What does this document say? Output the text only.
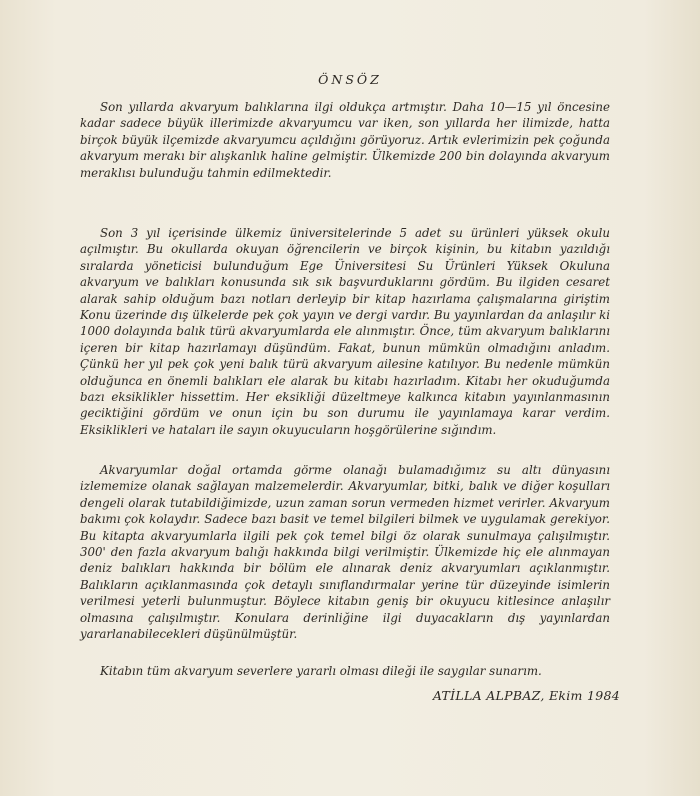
ÖNSÖZ

Son yıllarda akvaryum balıklarına ilgi oldukça artmıştır. Daha 10—15 yıl öncesine kadar sadece büyük illerimizde akvaryumcu var iken, son yıllarda her ilimizde, hatta birçok büyük ilçemizde akvaryumcu açıldığını görüyoruz. Artık evlerimizin pek çoğunda akvaryum merakı bir alışkanlık haline gelmiştir. Ülkemizde 200 bin dolayında akvaryum meraklısı bulunduğu tahmin edilmektedir.

Son 3 yıl içerisinde ülkemiz üniversitelerinde 5 adet su ürünleri yüksek okulu açılmıştır. Bu okullarda okuyan öğrencilerin ve birçok kişinin, bu kitabın yazıldığı sıralarda yöneticisi bulunduğum Ege Üniversitesi Su Ürünleri Yüksek Okuluna akvaryum ve balıkları konusunda sık sık başvurduklarını gördüm. Bu ilgiden cesaret alarak sahip olduğum bazı notları derleyip bir kitap hazırlama çalışmalarına giriştim Konu üzerinde dış ülkelerde pek çok yayın ve dergi vardır. Bu yayınlardan da anlaşılır ki 1000 dolayında balık türü akvaryumlarda ele alınmıştır. Önce, tüm akvaryum balıklarını içeren bir kitap hazırlamayı düşündüm. Fakat, bunun mümkün olmadığını anladım. Çünkü her yıl pek çok yeni balık türü akvaryum ailesine katılıyor. Bu nedenle mümkün olduğunca en önemli balıkları ele alarak bu kitabı hazırladım. Kitabı her okuduğumda bazı eksiklikler hissettim. Her eksikliği düzeltmeye kalkınca kitabın yayınlanmasının geciktiğini gördüm ve onun için bu son durumu ile yayınlamaya karar verdim. Eksiklikleri ve hataları ile sayın okuyucuların hoşgörülerine sığındım.

Akvaryumlar doğal ortamda görme olanağı bulamadığımız su altı dünyasını izlememize olanak sağlayan malzemelerdir. Akvaryumlar, bitki, balık ve diğer koşulları dengeli olarak tutabildiğimizde, uzun zaman sorun vermeden hizmet verirler. Akvaryum bakımı çok kolaydır. Sadece bazı basit ve temel bilgileri bilmek ve uygulamak gerekiyor. Bu kitapta akvaryumlarla ilgili pek çok temel bilgi öz olarak sunulmaya çalışılmıştır. 300' den fazla akvaryum balığı hakkında bilgi verilmiştir. Ülkemizde hiç ele alınmayan deniz balıkları hakkında bir bölüm ele alınarak deniz akvaryumları açıklanmıştır. Balıkların açıklanmasında çok detaylı sınıflandırmalar yerine tür düzeyinde isimlerin verilmesi yeterli bulunmuştur. Böylece kitabın geniş bir okuyucu kitlesince anlaşılır olmasına çalışılmıştır. Konulara derinliğine ilgi duyacakların dış yayınlardan yararlanabilecekleri düşünülmüştür.

Kitabın tüm akvaryum severlere yararlı olması dileği ile saygılar sunarım.

ATİLLA ALPBAZ, Ekim 1984
